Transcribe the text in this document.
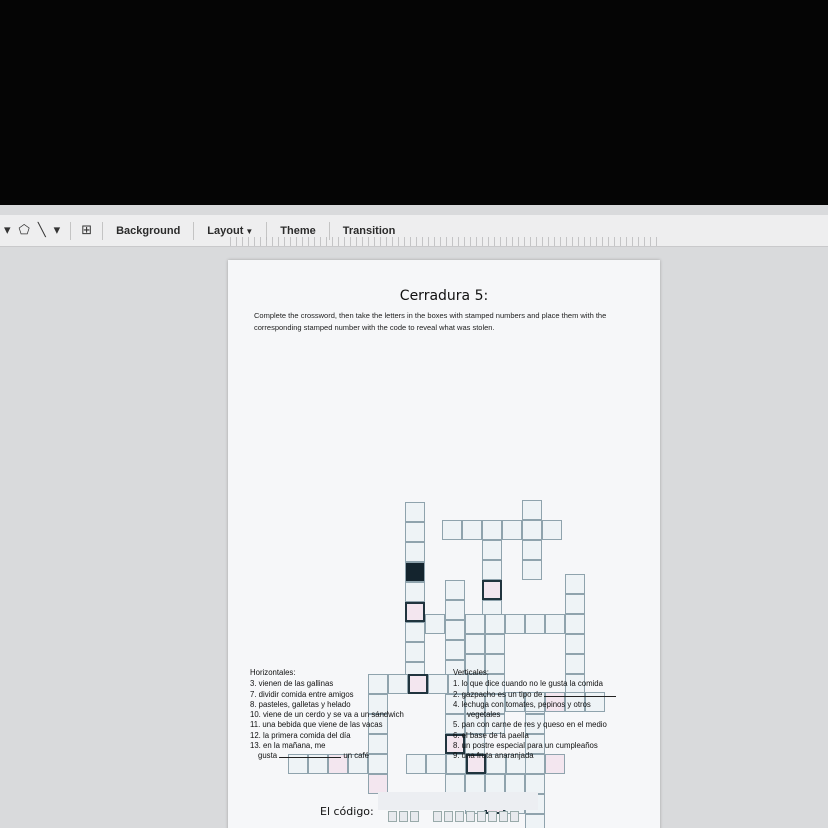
▾ ⬠ ╲ ▾	⊞	Background	Layout ▼	Theme	Transition
Cerradura 5:
Complete the crossword, then take the letters in the boxes with stamped numbers and place them with the corresponding stamped number with the code to reveal what was stolen.
Horizontales:
3. vienen de las gallinas
7. dividir comida entre amigos
8. pasteles, galletas y helado
10. viene de un cerdo y se va a un sándwich
11. una bebida que viene de las vacas
12. la primera comida del día
13. en la mañana, me
gusta	un café
Verticales:
1. lo que dice cuando no le gusta la comida
2. gazpacho es un tipo de
4. lechuga con tomates, pepinos y otros
vegetales
5. pan con carne de res y queso en el medio
6. el base de la paella
8. un postre especial para un cumpleaños
9. una fruta anaranjada
El código:
